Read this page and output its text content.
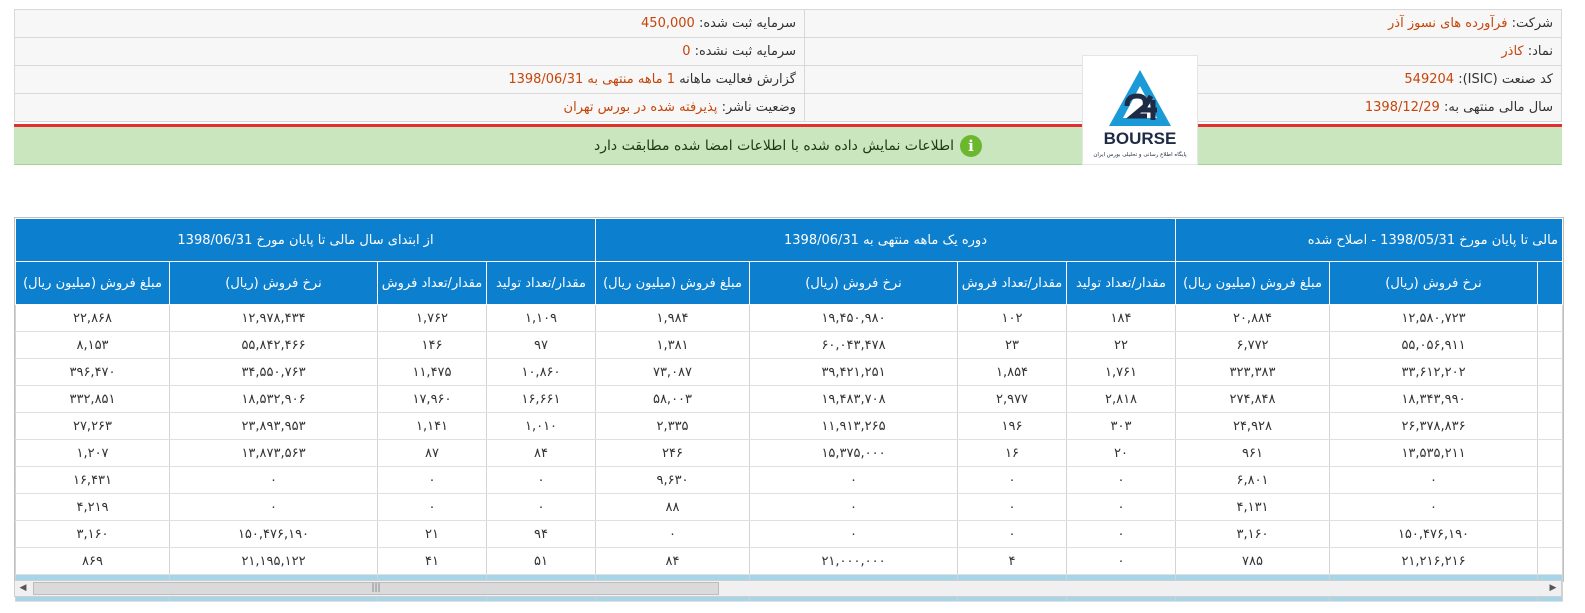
شرکت: فرآورده های نسوز آذر	سرمایه ثبت شده: 450,000
نماد: کاذر	سرمایه ثبت نشده: 0
کد صنعت (ISIC): 549204	گزارش فعالیت ماهانه 1 ماهه منتهی به 1398/06/31
سال مالی منتهی به: 1398/12/29	وضعیت ناشر: پذیرفته شده در بورس تهران
i
اطلاعات نمایش داده شده با اطلاعات امضا شده مطابقت دارد	BOURSE
پایگاه اطلاع رسانی و تحلیلی بورس ایران
مالی تا پایان مورخ 1398/05/31 - اصلاح شده			دوره یک ماهه منتهی به 1398/06/31				از ابتدای سال مالی تا پایان مورخ 1398/06/31			
	نرخ فروش (ریال)	مبلغ فروش (میلیون ریال)	مقدار/تعداد تولید	مقدار/تعداد فروش	نرخ فروش (ریال)	مبلغ فروش (میلیون ریال)	مقدار/تعداد تولید	مقدار/تعداد فروش	نرخ فروش (ریال)	مبلغ فروش (میلیون ریال)
	۱۲,۵۸۰,۷۲۳	۲۰,۸۸۴	۱۸۴	۱۰۲	۱۹,۴۵۰,۹۸۰	۱,۹۸۴	۱,۱۰۹	۱,۷۶۲	۱۲,۹۷۸,۴۳۴	۲۲,۸۶۸
	۵۵,۰۵۶,۹۱۱	۶,۷۷۲	۲۲	۲۳	۶۰,۰۴۳,۴۷۸	۱,۳۸۱	۹۷	۱۴۶	۵۵,۸۴۲,۴۶۶	۸,۱۵۳
	۳۳,۶۱۲,۲۰۲	۳۲۳,۳۸۳	۱,۷۶۱	۱,۸۵۴	۳۹,۴۲۱,۲۵۱	۷۳,۰۸۷	۱۰,۸۶۰	۱۱,۴۷۵	۳۴,۵۵۰,۷۶۳	۳۹۶,۴۷۰
	۱۸,۳۴۳,۹۹۰	۲۷۴,۸۴۸	۲,۸۱۸	۲,۹۷۷	۱۹,۴۸۳,۷۰۸	۵۸,۰۰۳	۱۶,۶۶۱	۱۷,۹۶۰	۱۸,۵۳۲,۹۰۶	۳۳۲,۸۵۱
	۲۶,۳۷۸,۸۳۶	۲۴,۹۲۸	۳۰۳	۱۹۶	۱۱,۹۱۳,۲۶۵	۲,۳۳۵	۱,۰۱۰	۱,۱۴۱	۲۳,۸۹۳,۹۵۳	۲۷,۲۶۳
	۱۳,۵۳۵,۲۱۱	۹۶۱	۲۰	۱۶	۱۵,۳۷۵,۰۰۰	۲۴۶	۸۴	۸۷	۱۳,۸۷۳,۵۶۳	۱,۲۰۷
	۰	۶,۸۰۱	۰	۰	۰	۹,۶۳۰	۰	۰	۰	۱۶,۴۳۱
	۰	۴,۱۳۱	۰	۰	۰	۸۸	۰	۰	۰	۴,۲۱۹
	۱۵۰,۴۷۶,۱۹۰	۳,۱۶۰	۰	۰	۰	۰	۹۴	۲۱	۱۵۰,۴۷۶,۱۹۰	۳,۱۶۰
	۲۱,۲۱۶,۲۱۶	۷۸۵	۰	۴	۲۱,۰۰۰,۰۰۰	۸۴	۵۱	۴۱	۲۱,۱۹۵,۱۲۲	۸۶۹

◀	|||	▶
